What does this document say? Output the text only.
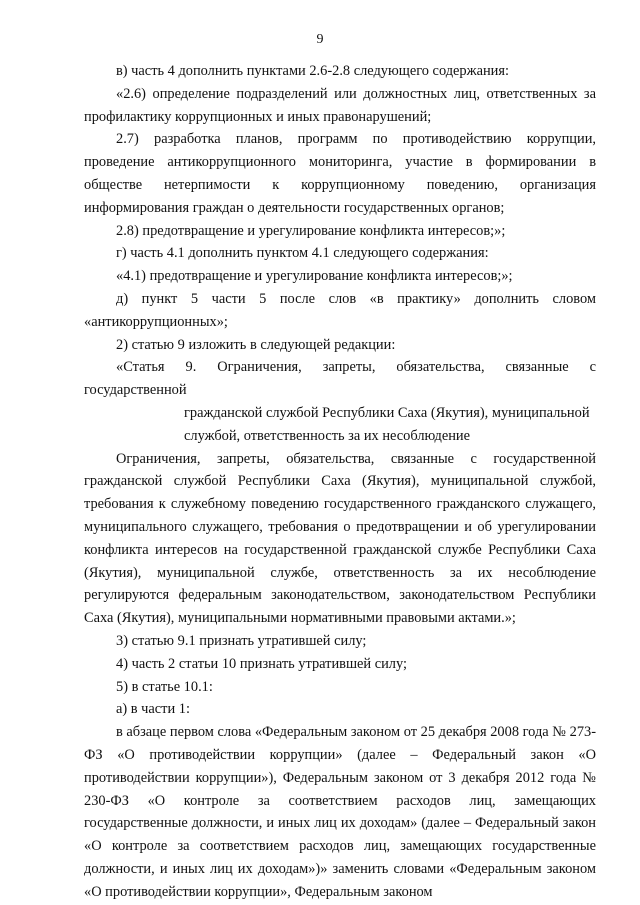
9

в) часть 4 дополнить пунктами 2.6-2.8 следующего содержания:

«2.6) определение подразделений или должностных лиц, ответственных за профилактику коррупционных и иных правонарушений;

2.7) разработка планов, программ по противодействию коррупции, проведение антикоррупционного мониторинга, участие в формировании в обществе нетерпимости к коррупционному поведению, организация информирования граждан о деятельности государственных органов;

2.8) предотвращение и урегулирование конфликта интересов;»;

г) часть 4.1 дополнить пунктом 4.1 следующего содержания:

«4.1) предотвращение и урегулирование конфликта интересов;»;

д) пункт 5 части 5 после слов «в практику» дополнить словом «антикоррупционных»;

2) статью 9 изложить в следующей редакции:

«Статья 9. Ограничения, запреты, обязательства, связанные с государственной
гражданской службой Республики Саха (Якутия), муниципальной
службой, ответственность за их несоблюдение

Ограничения, запреты, обязательства, связанные с государственной гражданской службой Республики Саха (Якутия), муниципальной службой, требования к служебному поведению государственного гражданского служащего, муниципального служащего, требования о предотвращении и об урегулировании конфликта интересов на государственной гражданской службе Республики Саха (Якутия), муниципальной службе, ответственность за их несоблюдение регулируются федеральным законодательством, законодательством Республики Саха (Якутия), муниципальными нормативными правовыми актами.»;

3) статью 9.1 признать утратившей силу;

4) часть 2 статьи 10 признать утратившей силу;

5) в статье 10.1:

а) в части 1:

в абзаце первом слова «Федеральным законом от 25 декабря 2008 года № 273-ФЗ «О противодействии коррупции» (далее – Федеральный закон «О противодействии коррупции»), Федеральным законом от 3 декабря 2012 года № 230-ФЗ «О контроле за соответствием расходов лиц, замещающих государственные должности, и иных лиц их доходам» (далее – Федеральный закон «О контроле за соответствием расходов лиц, замещающих государственные должности, и иных лиц их доходам»)» заменить словами «Федеральным законом «О противодействии коррупции», Федеральным законом
